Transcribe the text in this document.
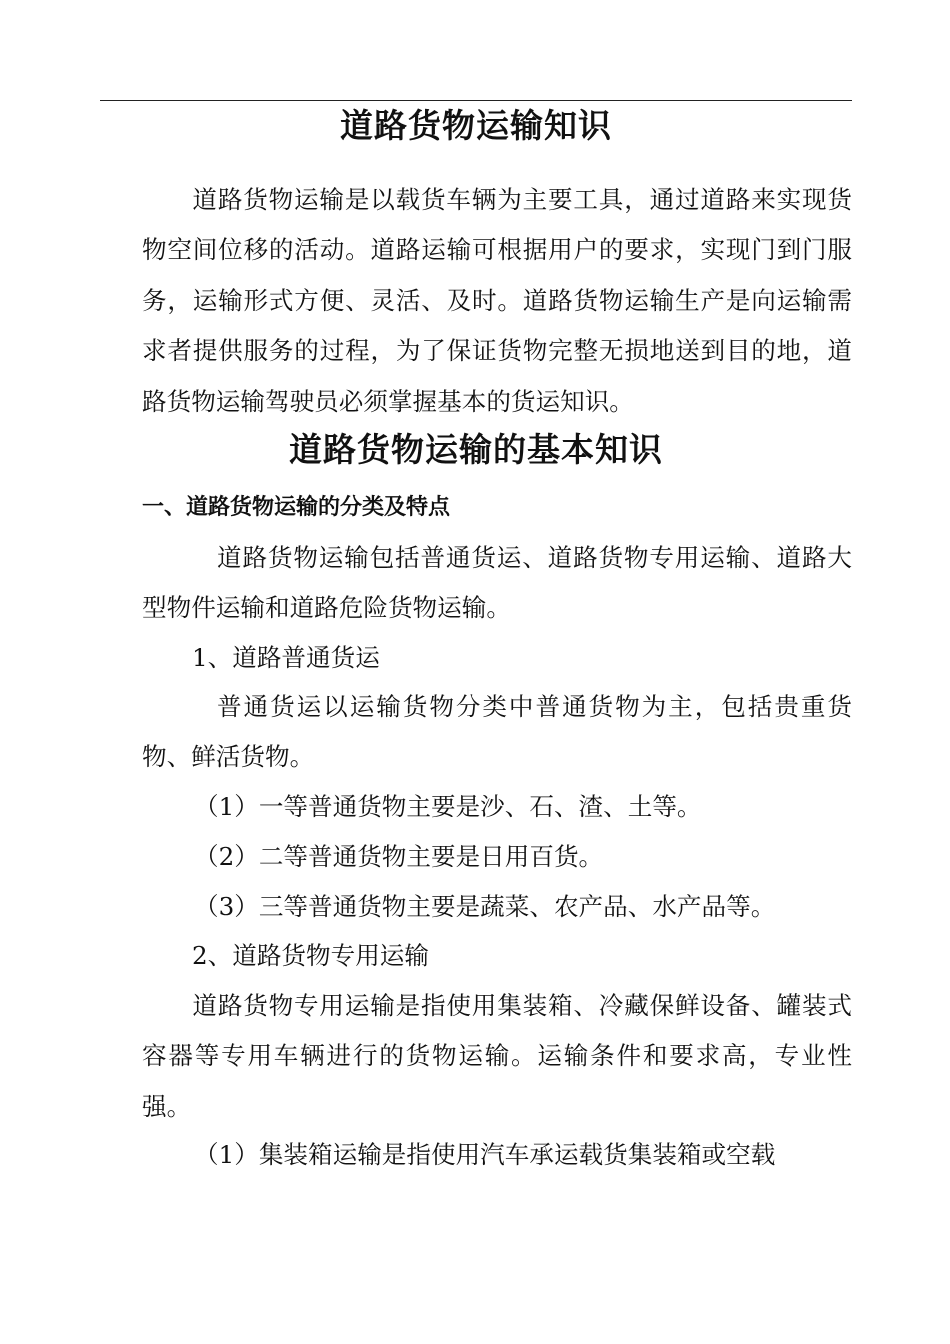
道路货物运输知识

道路货物运输是以载货车辆为主要工具，通过道路来实现货物空间位移的活动。道路运输可根据用户的要求，实现门到门服务，运输形式方便、灵活、及时。道路货物运输生产是向运输需求者提供服务的过程，为了保证货物完整无损地送到目的地，道路货物运输驾驶员必须掌握基本的货运知识。

道路货物运输的基本知识
一、道路货物运输的分类及特点

道路货物运输包括普通货运、道路货物专用运输、道路大型物件运输和道路危险货物运输。

1、道路普通货运

普通货运以运输货物分类中普通货物为主，包括贵重货物、鲜活货物。

（1）一等普通货物主要是沙、石、渣、土等。

（2）二等普通货物主要是日用百货。

（3）三等普通货物主要是蔬菜、农产品、水产品等。

2、道路货物专用运输

道路货物专用运输是指使用集装箱、冷藏保鲜设备、罐装式容器等专用车辆进行的货物运输。运输条件和要求高，专业性强。

（1）集装箱运输是指使用汽车承运载货集装箱或空载
